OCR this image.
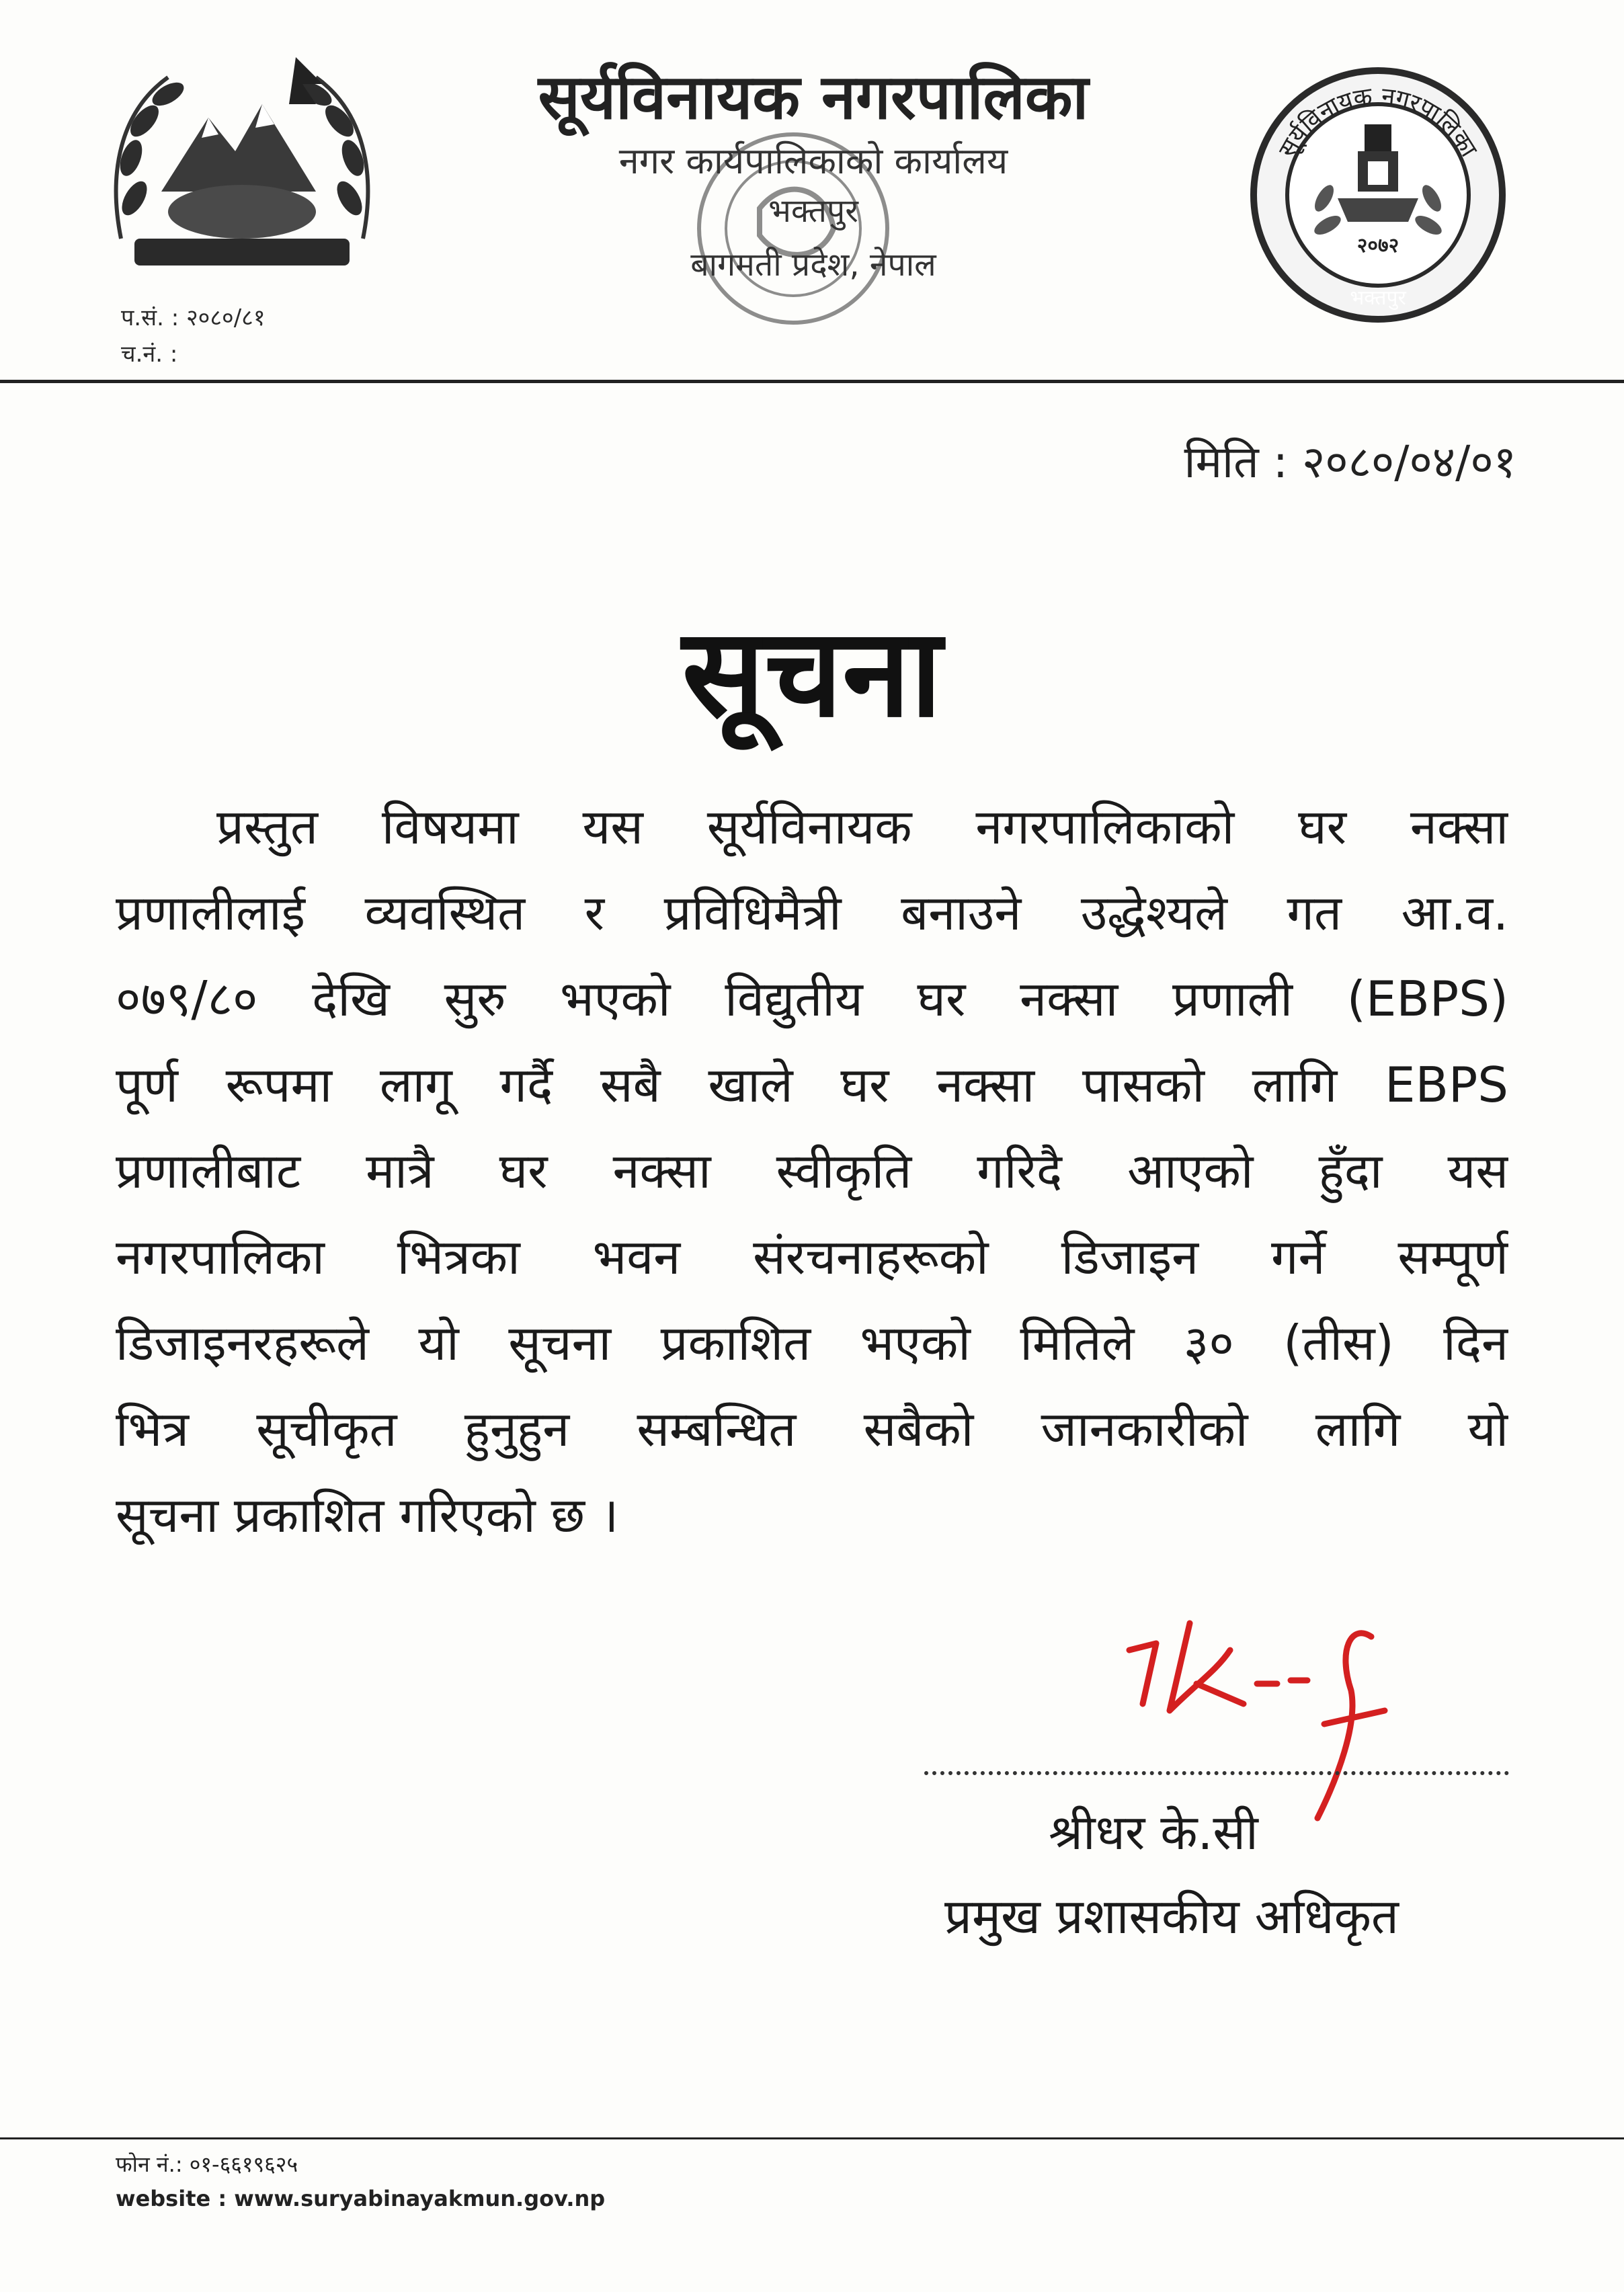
सूर्यविनायक नगरपालिका
नगर कार्यपालिकाको कार्यालय
भक्तपुर
बागमती प्रदेश, नेपाल
सूर्यविनायक नगरपालिका
२०७२
भक्तपुर
प.सं. : २०८०/८१
च.नं. :
मिति : २०८०/०४/०१
सूचना
प्रस्तुत विषयमा यस सूर्यविनायक नगरपालिकाको घर नक्सा
प्रणालीलाई व्यवस्थित र प्रविधिमैत्री बनाउने उद्धेश्यले गत आ.व.
०७९/८० देखि सुरु भएको विद्युतीय घर नक्सा प्रणाली (EBPS)
पूर्ण रूपमा लागू गर्दै सबै खाले घर नक्सा पासको लागि EBPS
प्रणालीबाट मात्रै घर नक्सा स्वीकृति गरिदै आएको हुँदा यस
नगरपालिका भित्रका भवन संरचनाहरूको डिजाइन गर्ने सम्पूर्ण
डिजाइनरहरूले यो सूचना प्रकाशित भएको मितिले ३० (तीस) दिन
भित्र सूचीकृत हुनुहुन सम्बन्धित सबैको जानकारीको लागि यो
सूचना प्रकाशित गरिएको छ ।
श्रीधर के.सी
प्रमुख प्रशासकीय अधिकृत
फोन नं.: ०१-६६१९६२५
website : www.suryabinayakmun.gov.np
